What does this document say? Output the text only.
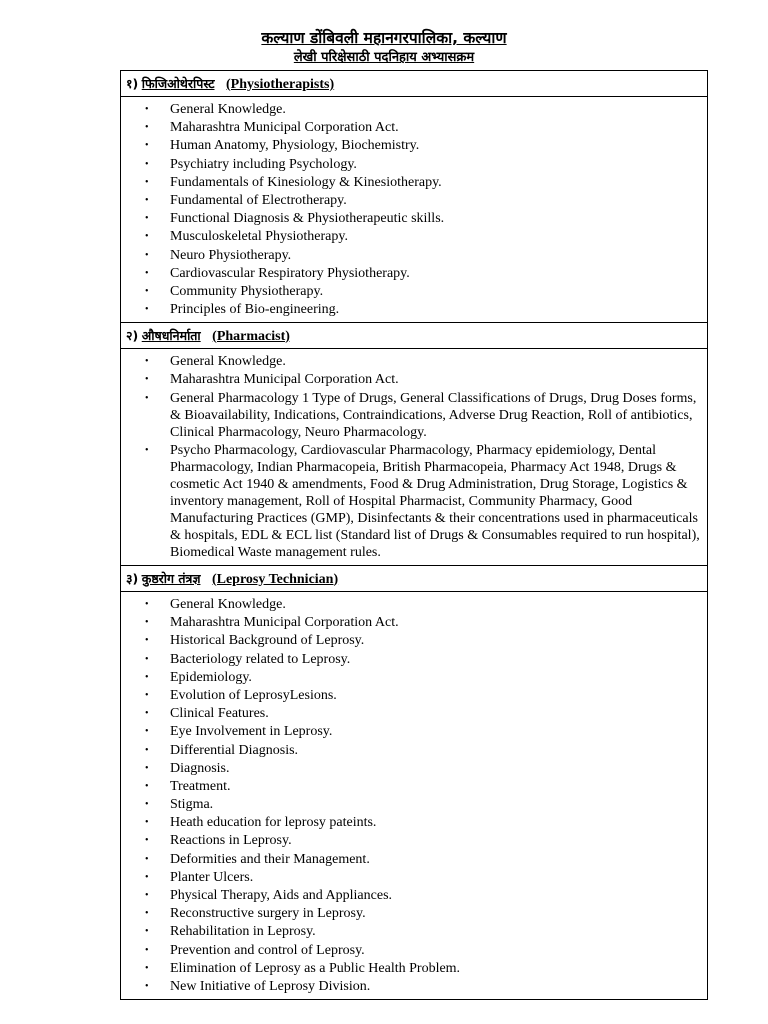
कल्याण डोंबिवली महानगरपालिका, कल्याण
लेखी परिक्षेसाठी पदनिहाय अभ्यासक्रम
१) फिजिओथेरपिस्ट (Physiotherapists)

• General Knowledge.
• Maharashtra Municipal Corporation Act.
• Human Anatomy, Physiology, Biochemistry.
• Psychiatry including Psychology.
• Fundamentals of Kinesiology & Kinesiotherapy.
• Fundamental of Electrotherapy.
• Functional Diagnosis & Physiotherapeutic skills.
• Musculoskeletal Physiotherapy.
• Neuro Physiotherapy.
• Cardiovascular Respiratory Physiotherapy.
• Community Physiotherapy.
• Principles of Bio-engineering.

२) औषधनिर्माता (Pharmacist)

• General Knowledge.
• Maharashtra Municipal Corporation Act.
• General Pharmacology 1 Type of Drugs, General Classifications of Drugs, Drug Doses forms, & Bioavailability, Indications, Contraindications, Adverse Drug Reaction, Roll of antibiotics, Clinical Pharmacology, Neuro Pharmacology.
• Psycho Pharmacology, Cardiovascular Pharmacology, Pharmacy epidemiology, Dental Pharmacology, Indian Pharmacopeia, British Pharmacopeia, Pharmacy Act 1948, Drugs & cosmetic Act 1940 & amendments, Food & Drug Administration, Drug Storage, Logistics & inventory management, Roll of Hospital Pharmacist, Community Pharmacy, Good Manufacturing Practices (GMP), Disinfectants & their concentrations used in pharmaceuticals & hospitals, EDL & ECL list (Standard list of Drugs & Consumables required to run hospital), Biomedical Waste management rules.

३) कुष्ठरोग तंत्रज्ञ (Leprosy Technician)

• General Knowledge.
• Maharashtra Municipal Corporation Act.
• Historical Background of Leprosy.
• Bacteriology related to Leprosy.
• Epidemiology.
• Evolution of LeprosyLesions.
• Clinical Features.
• Eye Involvement in Leprosy.
• Differential Diagnosis.
• Diagnosis.
• Treatment.
• Stigma.
• Heath education for leprosy pateints.
• Reactions in Leprosy.
• Deformities and their Management.
• Planter Ulcers.
• Physical Therapy, Aids and Appliances.
• Reconstructive surgery in Leprosy.
• Rehabilitation in Leprosy.
• Prevention and control of Leprosy.
• Elimination of Leprosy as a Public Health Problem.
• New Initiative of Leprosy Division.
